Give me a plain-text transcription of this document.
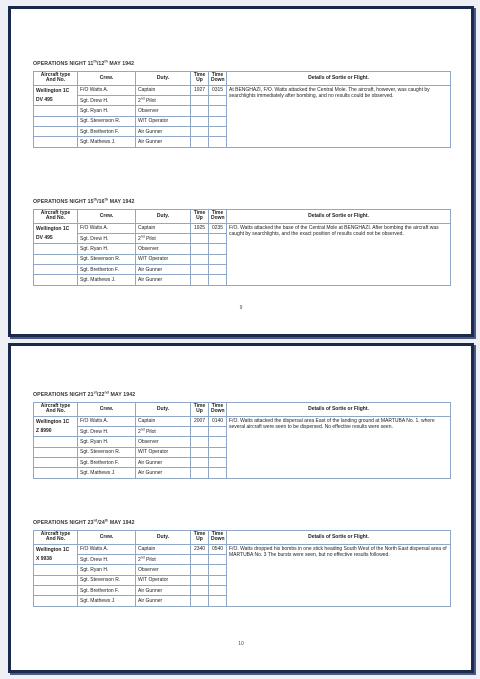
OPERATIONS NIGHT 11th/12th MAY 1942
Aircraft type And No.	Crew.	Duty.	Time Up	Time Down	Details of Sortie or Flight.

Wellington 1C
DV 495	F/O Watts A.	Captain	1927	0315	At BENGHAZI, F/O. Watts attacked the Central Mole. The aircraft, however, was caught by searchlights immediately after bombing, and no results could be observed.
	Sgt. Drew H.	2nd Pilot			
	Sgt. Ryan H.	Observer			
	Sgt. Stevenson R.	W/T Operator			
	Sgt. Bretherton F.	Air Gunner			
	Sgt. Mathews J.	Air Gunner			
OPERATIONS NIGHT 15th/16th MAY 1942
Aircraft type And No.	Crew.	Duty.	Time Up	Time Down	Details of Sortie or Flight.

Wellington 1C
DV 495	F/O Watts A.	Captain	1925	0235	F/O. Watts attacked the base of the Central Mole at BENGHAZI. After bombing the aircraft was caught by searchlights, and the exact position of results could not be observed.
	Sgt. Drew H.	2nd Pilot			
	Sgt. Ryan H.	Observer			
	Sgt. Stevenson R.	W/T Operator			
	Sgt. Bretherton F.	Air Gunner			
	Sgt. Mathews J.	Air Gunner			
9
OPERATIONS NIGHT 21st/22nd MAY 1942
Aircraft type And No.	Crew.	Duty.	Time Up	Time Down	Details of Sortie or Flight.

Wellington 1C
Z 8990	F/O Watts A.	Captain	2007	0140	F/O. Watts attacked the dispersal area East of the landing ground at MARTUBA No. 1. where several aircraft were seen to be dispersed. No effective results were seen.
	Sgt. Drew H.	2nd Pilot			
	Sgt. Ryan H.	Observer			
	Sgt. Stevenson R.	W/T Operator			
	Sgt. Bretherton F.	Air Gunner			
	Sgt. Mathews J.	Air Gunner			
OPERATIONS NIGHT 23rd/24th MAY 1942
Aircraft type And No.	Crew.	Duty.	Time Up	Time Down	Details of Sortie or Flight.

Wellington 1C
X 9938	F/O Watts A.	Captain	2340	0540	F/O. Watts dropped his bombs in one stick heading South West of the North East dispersal area of MARTUBA No. 3 The bursts were seen, but no effective results followed.
	Sgt. Drew H.	2nd Pilot			
	Sgt. Ryan H.	Observer			
	Sgt. Stevenson R.	W/T Operator			
	Sgt. Bretherton F.	Air Gunner			
	Sgt. Mathews J.	Air Gunner			
10
